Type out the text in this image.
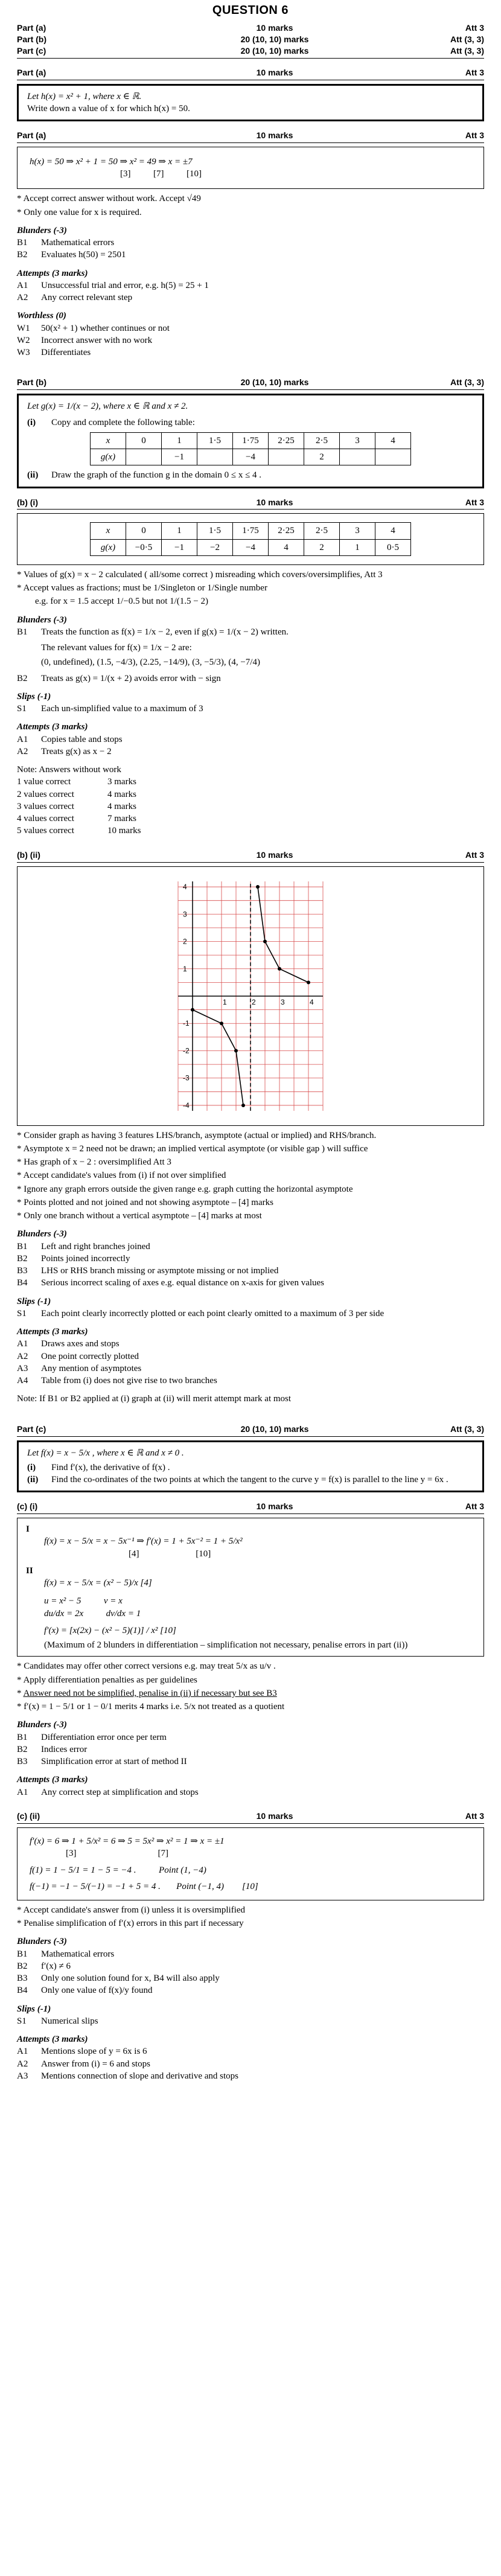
QUESTION 6
Part (a)	10 marks	Att 3
Part (b)	20 (10, 10) marks	Att (3, 3)
Part (c)	20 (10, 10) marks	Att (3, 3)
Part (a)	10 marks	Att 3
Let h(x) = x² + 1, where x ∈ ℝ.
Write down a value of x for which h(x) = 50.
Part (a)	10 marks	Att 3
h(x) = 50 ⇒ x² + 1 = 50 ⇒ x² = 49 ⇒ x = ±7
[3]          [7]          [10]
* Accept correct answer without work. Accept √49
* Only one value for x is required.
Blunders (-3)
B1	Mathematical errors
B2	Evaluates h(50) = 2501
Attempts (3 marks)
A1	Unsuccessful trial and error, e.g. h(5) = 25 + 1
A2	Any correct relevant step
Worthless (0)
W1	50(x² + 1) whether continues or not
W2	Incorrect answer with no work
W3	Differentiates
Part (b)	20 (10, 10) marks	Att (3, 3)
Let g(x) = 1/(x − 2), where x ∈ ℝ and x ≠ 2.
(i)	Copy and complete the following table:
x	0	1	1·5	1·75	2·25	2·5	3	4
g(x)		−1		−4		2		
(ii)	Draw the graph of the function g in the domain 0 ≤ x ≤ 4 .
(b) (i)	10 marks	Att 3
x	0	1	1·5	1·75	2·25	2·5	3	4
g(x)	−0·5	−1	−2	−4	4	2	1	0·5
* Values of g(x) = x − 2 calculated ( all/some correct ) misreading which covers/oversimplifies, Att 3
* Accept values as fractions; must be 1/Singleton or 1/Single number
e.g. for x = 1.5 accept 1/−0.5 but not 1/(1.5 − 2)
Blunders (-3)
B1	Treats the function as f(x) = 1/x − 2, even if g(x) = 1/(x − 2) written.
The relevant values for f(x) = 1/x − 2 are:
(0, undefined), (1.5, −4/3), (2.25, −14/9), (3, −5/3), (4, −7/4)
B2	Treats as g(x) = 1/(x + 2) avoids error with − sign
Slips (-1)
S1	Each un-simplified value to a maximum of 3
Attempts (3 marks)
A1	Copies table and stops
A2	Treats g(x) as x − 2
Note: Answers without work
1 value correct	3 marks
2 values correct	4 marks
3 values correct	4 marks
4 values correct	7 marks
5 values correct	10 marks
(b) (ii)	10 marks	Att 3
1	2	3	4
4
3
2
1
-1
-2
-3
-4
* Consider graph as having 3 features LHS/branch, asymptote (actual or implied) and RHS/branch.
* Asymptote x = 2 need not be drawn; an implied vertical asymptote (or visible gap ) will suffice
* Has graph of x − 2 : oversimplified Att 3
* Accept candidate's values from (i) if not over simplified
* Ignore any graph errors outside the given range e.g. graph cutting the horizontal asymptote
* Points plotted and not joined and not showing asymptote – [4] marks
* Only one branch without a vertical asymptote – [4] marks at most
Blunders (-3)
B1	Left and right branches joined
B2	Points joined incorrectly
B3	LHS or RHS branch missing or asymptote missing or not implied
B4	Serious incorrect scaling of axes e.g. equal distance on x-axis for given values
Slips (-1)
S1	Each point clearly incorrectly plotted or each point clearly omitted to a maximum of 3 per side
Attempts (3 marks)
A1	Draws axes and stops
A2	One point correctly plotted
A3	Any mention of asymptotes
A4	Table from (i) does not give rise to two branches
Note: If B1 or B2 applied at (i) graph at (ii) will merit attempt mark at most
Part (c)	20 (10, 10) marks	Att (3, 3)
Let f(x) = x − 5/x , where x ∈ ℝ and x ≠ 0 .
(i)	Find f′(x), the derivative of f(x) .
(ii)	Find the co-ordinates of the two points at which the tangent to the curve y = f(x) is parallel to the line y = 6x .
(c) (i)	10 marks	Att 3
I
f(x) = x − 5/x = x − 5x⁻¹ ⇒ f′(x) = 1 + 5x⁻² = 1 + 5/x²
[4]                         [10]
II
f(x) = x − 5/x = (x² − 5)/x [4]
u = x² − 5          v = x
du/dx = 2x          dv/dx = 1
f′(x) = [x(2x) − (x² − 5)(1)] / x² [10]
(Maximum of 2 blunders in differentiation – simplification not necessary, penalise errors in part (ii))
* Candidates may offer other correct versions e.g. may treat 5/x as u/v .
* Apply differentiation penalties as per guidelines
* Answer need not be simplified, penalise in (ii) if necessary but see B3
* f′(x) = 1 − 5/1 or 1 − 0/1 merits 4 marks i.e. 5/x not treated as a quotient
Blunders (-3)
B1	Differentiation error once per term
B2	Indices error
B3	Simplification error at start of method II
Attempts (3 marks)
A1	Any correct step at simplification and stops
(c) (ii)	10 marks	Att 3
f′(x) = 6 ⇒ 1 + 5/x² = 6 ⇒ 5 = 5x² ⇒ x² = 1 ⇒ x = ±1
[3]                                    [7]
f(1) = 1 − 5/1 = 1 − 5 = −4 .          Point (1, −4)
f(−1) = −1 − 5/(−1) = −1 + 5 = 4 .       Point (−1, 4)        [10]
* Accept candidate's answer from (i) unless it is oversimplified
* Penalise simplification of f′(x) errors in this part if necessary
Blunders (-3)
B1	Mathematical errors
B2	f′(x) ≠ 6
B3	Only one solution found for x, B4 will also apply
B4	Only one value of f(x)/y found
Slips (-1)
S1	Numerical slips
Attempts (3 marks)
A1	Mentions slope of y = 6x is 6
A2	Answer from (i) = 6 and stops
A3	Mentions connection of slope and derivative and stops
